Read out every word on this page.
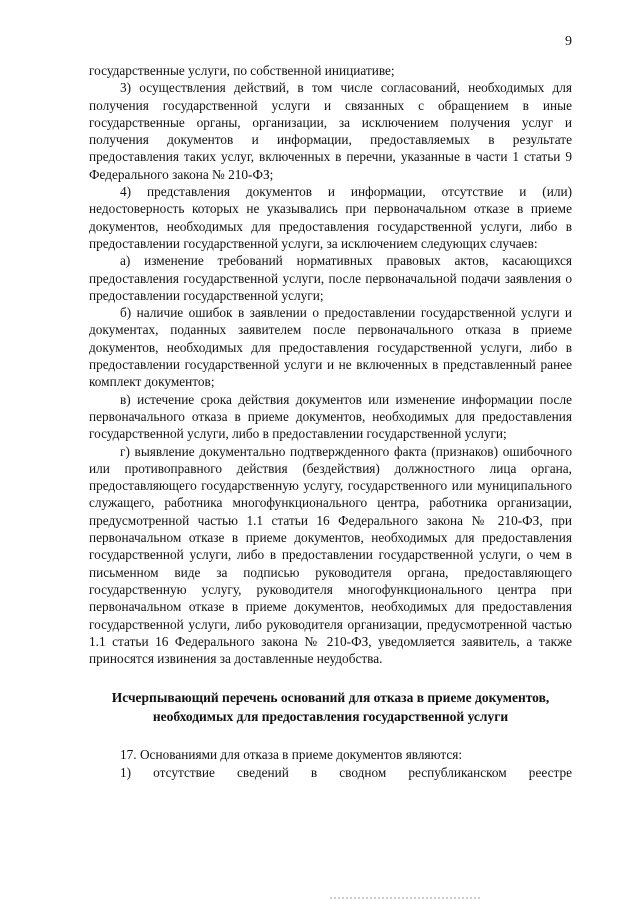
9

государственные услуги, по собственной инициативе;

3) осуществления действий, в том числе согласований, необходимых для получения государственной услуги и связанных с обращением в иные государственные органы, организации, за исключением получения услуг и получения документов и информации, предоставляемых в результате предоставления таких услуг, включенных в перечни, указанные в части 1 статьи 9 Федерального закона № 210-ФЗ;

4) представления документов и информации, отсутствие и (или) недостоверность которых не указывались при первоначальном отказе в приеме документов, необходимых для предоставления государственной услуги, либо в предоставлении государственной услуги, за исключением следующих случаев:

а) изменение требований нормативных правовых актов, касающихся предоставления государственной услуги, после первоначальной подачи заявления о предоставлении государственной услуги;

б) наличие ошибок в заявлении о предоставлении государственной услуги и документах, поданных заявителем после первоначального отказа в приеме документов, необходимых для предоставления государственной услуги, либо в предоставлении государственной услуги и не включенных в представленный ранее комплект документов;

в) истечение срока действия документов или изменение информации после первоначального отказа в приеме документов, необходимых для предоставления государственной услуги, либо в предоставлении государственной услуги;

г) выявление документально подтвержденного факта (признаков) ошибочного или противоправного действия (бездействия) должностного лица органа, предоставляющего государственную услугу, государственного или муниципального служащего, работника многофункционального центра, работника организации, предусмотренной частью 1.1 статьи 16 Федерального закона № 210-ФЗ, при первоначальном отказе в приеме документов, необходимых для предоставления государственной услуги, либо в предоставлении государственной услуги, о чем в письменном виде за подписью руководителя органа, предоставляющего государственную услугу, руководителя многофункционального центра при первоначальном отказе в приеме документов, необходимых для предоставления государственной услуги, либо руководителя организации, предусмотренной частью 1.1 статьи 16 Федерального закона № 210-ФЗ, уведомляется заявитель, а также приносятся извинения за доставленные неудобства.

Исчерпывающий перечень оснований для отказа в приеме документов, необходимых для предоставления государственной услуги

17. Основаниями для отказа в приеме документов являются:

1) отсутствие сведений в сводном республиканском реестре
